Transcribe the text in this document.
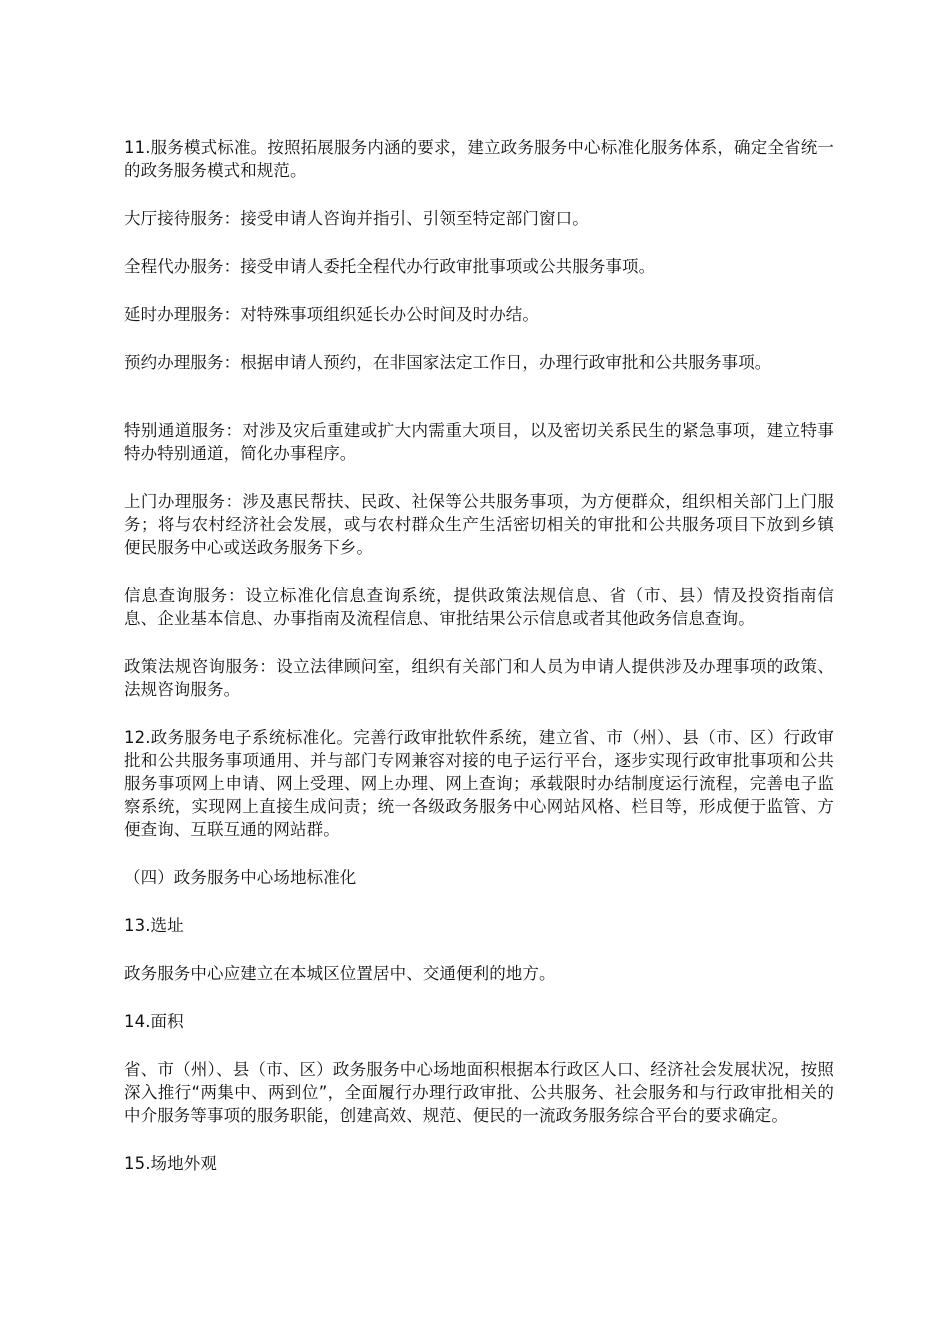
11.服务模式标准。按照拓展服务内涵的要求，建立政务服务中心标准化服务体系，确定全省统一的政务服务模式和规范。

大厅接待服务：接受申请人咨询并指引、引领至特定部门窗口。

全程代办服务：接受申请人委托全程代办行政审批事项或公共服务事项。

延时办理服务：对特殊事项组织延长办公时间及时办结。

预约办理服务：根据申请人预约，在非国家法定工作日，办理行政审批和公共服务事项。

特别通道服务：对涉及灾后重建或扩大内需重大项目，以及密切关系民生的紧急事项，建立特事特办特别通道，简化办事程序。

上门办理服务：涉及惠民帮扶、民政、社保等公共服务事项，为方便群众，组织相关部门上门服务；将与农村经济社会发展，或与农村群众生产生活密切相关的审批和公共服务项目下放到乡镇便民服务中心或送政务服务下乡。

信息查询服务：设立标准化信息查询系统，提供政策法规信息、省（市、县）情及投资指南信息、企业基本信息、办事指南及流程信息、审批结果公示信息或者其他政务信息查询。

政策法规咨询服务：设立法律顾问室，组织有关部门和人员为申请人提供涉及办理事项的政策、法规咨询服务。

12.政务服务电子系统标准化。完善行政审批软件系统，建立省、市（州）、县（市、区）行政审批和公共服务事项通用、并与部门专网兼容对接的电子运行平台，逐步实现行政审批事项和公共服务事项网上申请、网上受理、网上办理、网上查询；承载限时办结制度运行流程，完善电子监察系统，实现网上直接生成问责；统一各级政务服务中心网站风格、栏目等，形成便于监管、方便查询、互联互通的网站群。

（四）政务服务中心场地标准化

13.选址

政务服务中心应建立在本城区位置居中、交通便利的地方。

14.面积

省、市（州）、县（市、区）政务服务中心场地面积根据本行政区人口、经济社会发展状况，按照深入推行“两集中、两到位”，全面履行办理行政审批、公共服务、社会服务和与行政审批相关的中介服务等事项的服务职能，创建高效、规范、便民的一流政务服务综合平台的要求确定。

15.场地外观
